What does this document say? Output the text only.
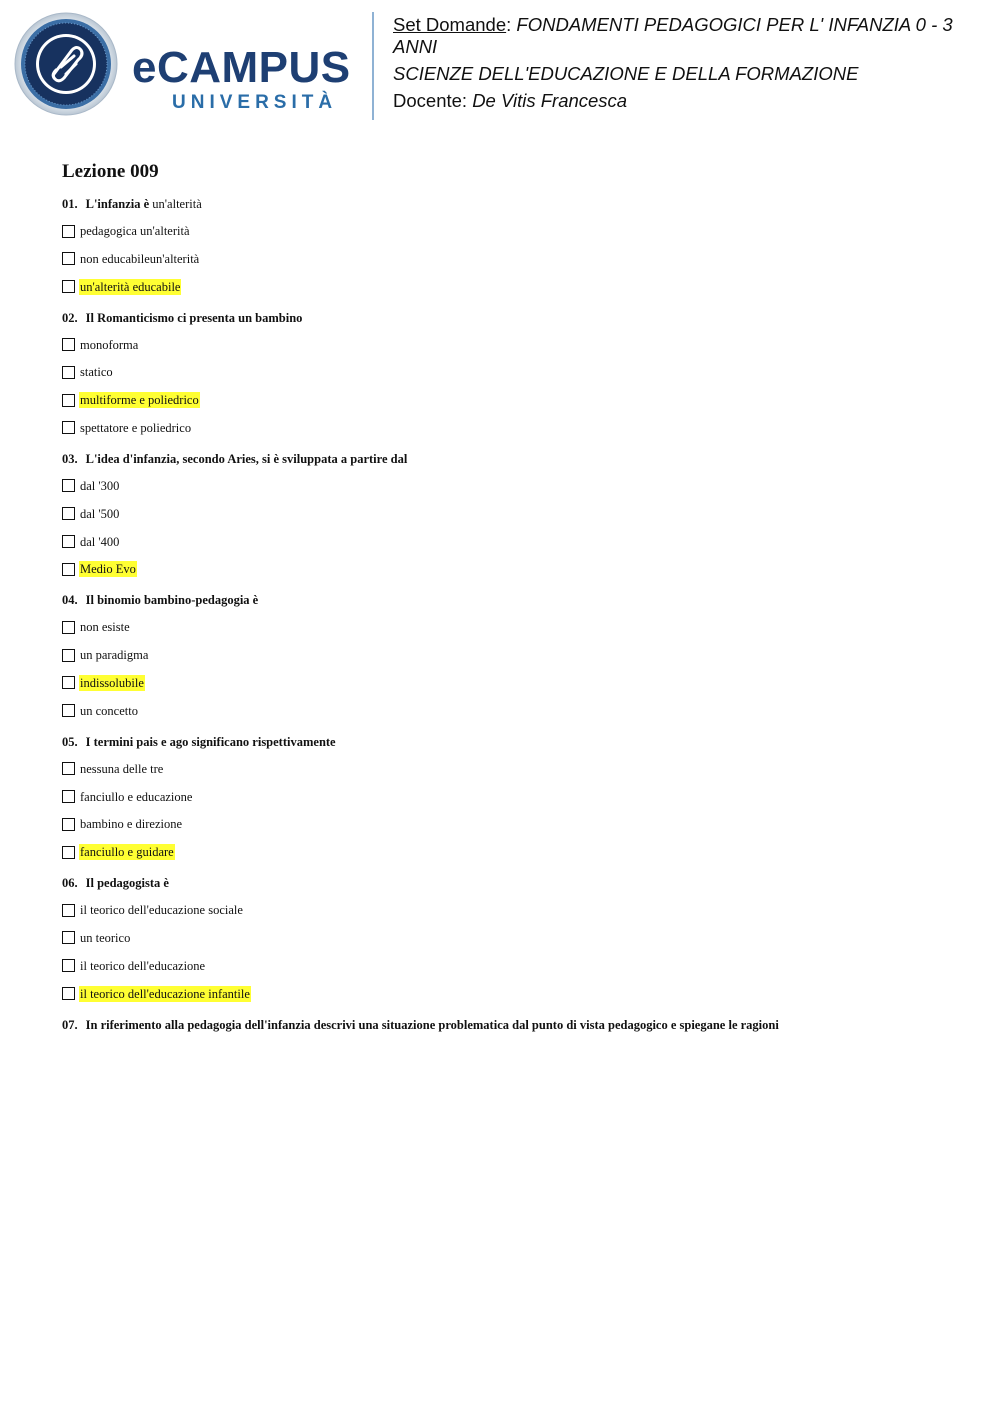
eCAMPUS
UNIVERSITÀ

Set Domande: FONDAMENTI PEDAGOGICI PER L' INFANZIA 0 - 3 ANNI

SCIENZE DELL'EDUCAZIONE E DELLA FORMAZIONE

Docente: De Vitis Francesca

Lezione 009
01. L'infanzia è un'alterità
pedagogica un'alterità
non educabileun'alterità
un'alterità educabile
02. Il Romanticismo ci presenta un bambino
monoforma
statico
multiforme e poliedrico
spettatore e poliedrico
03. L'idea d'infanzia, secondo Aries, si è sviluppata a partire dal
dal '300
dal '500
dal '400
Medio Evo
04. Il binomio bambino-pedagogia è
non esiste
un paradigma
indissolubile
un concetto
05. I termini pais e ago significano rispettivamente
nessuna delle tre
fanciullo e educazione
bambino e direzione
fanciullo e guidare
06. Il pedagogista è
il teorico dell'educazione sociale
un teorico
il teorico dell'educazione
il teorico dell'educazione infantile
07. In riferimento alla pedagogia dell'infanzia descrivi una situazione problematica dal punto di vista pedagogico e spiegane le ragioni
